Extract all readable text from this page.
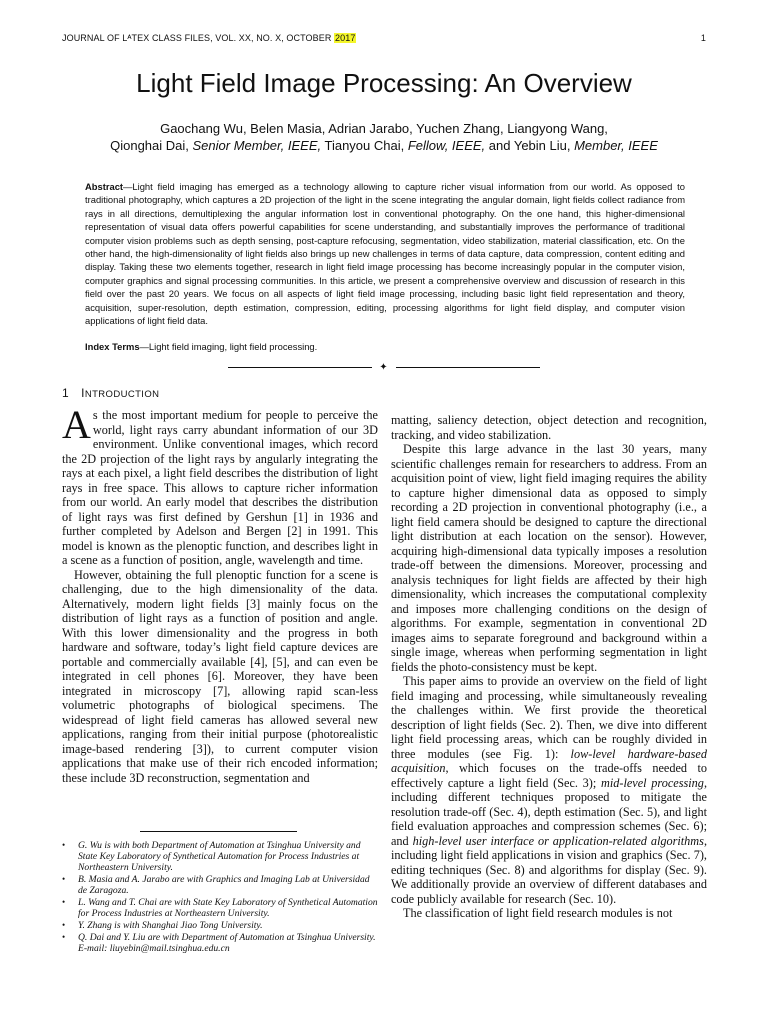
JOURNAL OF LᴬTEX CLASS FILES, VOL. XX, NO. X, OCTOBER 2017	1
Light Field Image Processing: An Overview
Gaochang Wu, Belen Masia, Adrian Jarabo, Yuchen Zhang, Liangyong Wang,
Qionghai Dai, Senior Member, IEEE, Tianyou Chai, Fellow, IEEE, and Yebin Liu, Member, IEEE

Abstract—Light field imaging has emerged as a technology allowing to capture richer visual information from our world. As opposed to traditional photography, which captures a 2D projection of the light in the scene integrating the angular domain, light fields collect radiance from rays in all directions, demultiplexing the angular information lost in conventional photography. On the one hand, this higher-dimensional representation of visual data offers powerful capabilities for scene understanding, and substantially improves the performance of traditional computer vision problems such as depth sensing, post-capture refocusing, segmentation, video stabilization, material classification, etc. On the other hand, the high-dimensionality of light fields also brings up new challenges in terms of data capture, data compression, content editing and display. Taking these two elements together, research in light field image processing has become increasingly popular in the computer vision, computer graphics and signal processing communities. In this article, we present a comprehensive overview and discussion of research in this field over the past 20 years. We focus on all aspects of light field image processing, including basic light field representation and theory, acquisition, super-resolution, depth estimation, compression, editing, processing algorithms for light field display, and computer vision applications of light field data.

Index Terms—Light field imaging, light field processing.

✦
1 INTRODUCTION

As the most important medium for people to perceive the world, light rays carry abundant information of our 3D environment. Unlike conventional images, which record the 2D projection of the light rays by angularly integrating the rays at each pixel, a light field describes the distribution of light rays in free space. This allows to capture richer information from our world. An early model that describes the distribution of light rays was first defined by Gershun [1] in 1936 and further completed by Adelson and Bergen [2] in 1991. This model is known as the plenoptic function, and describes light in a scene as a function of position, angle, wavelength and time.

However, obtaining the full plenoptic function for a scene is challenging, due to the high dimensionality of the data. Alternatively, modern light fields [3] mainly focus on the distribution of light rays as a function of position and angle. With this lower dimensionality and the progress in both hardware and software, today’s light field capture devices are portable and commercially available [4], [5], and can even be integrated in cell phones [6]. Moreover, they have been integrated in microscopy [7], allowing rapid scan-less volumetric photographs of biological specimens. The widespread of light field cameras has allowed several new applications, ranging from their initial purpose (photorealistic image-based rendering [3]), to current computer vision applications that make use of their rich encoded information; these include 3D reconstruction, segmentation and

• G. Wu is with both Department of Automation at Tsinghua University and State Key Laboratory of Synthetical Automation for Process Industries at Northeastern University.
• B. Masia and A. Jarabo are with Graphics and Imaging Lab at Universidad de Zaragoza.
• L. Wang and T. Chai are with State Key Laboratory of Synthetical Automation for Process Industries at Northeastern University.
• Y. Zhang is with Shanghai Jiao Tong University.
• Q. Dai and Y. Liu are with Department of Automation at Tsinghua University. E-mail: liuyebin@mail.tsinghua.edu.cn

matting, saliency detection, object detection and recognition, tracking, and video stabilization.

Despite this large advance in the last 30 years, many scientific challenges remain for researchers to address. From an acquisition point of view, light field imaging requires the ability to capture higher dimensional data as opposed to simply recording a 2D projection in conventional photography (i.e., a light field camera should be designed to capture the directional light distribution at each location on the sensor). However, acquiring high-dimensional data typically imposes a resolution trade-off between the dimensions. Moreover, processing and analysis techniques for light fields are affected by their high dimensionality, which increases the computational complexity and imposes more challenging conditions on the design of algorithms. For example, segmentation in conventional 2D images aims to separate foreground and background within a single image, whereas when performing segmentation in light fields the photo-consistency must be kept.

This paper aims to provide an overview on the field of light field imaging and processing, while simultaneously revealing the challenges within. We first provide the theoretical description of light fields (Sec. 2). Then, we dive into different light field processing areas, which can be roughly divided in three modules (see Fig. 1): low-level hardware-based acquisition, which focuses on the trade-offs needed to effectively capture a light field (Sec. 3); mid-level processing, including different techniques proposed to mitigate the resolution trade-off (Sec. 4), depth estimation (Sec. 5), and light field evaluation approaches and compression schemes (Sec. 6); and high-level user interface or application-related algorithms, including light field applications in vision and graphics (Sec. 7), editing techniques (Sec. 8) and algorithms for display (Sec. 9). We additionally provide an overview of different databases and code publicly available for research (Sec. 10).

The classification of light field research modules is not
